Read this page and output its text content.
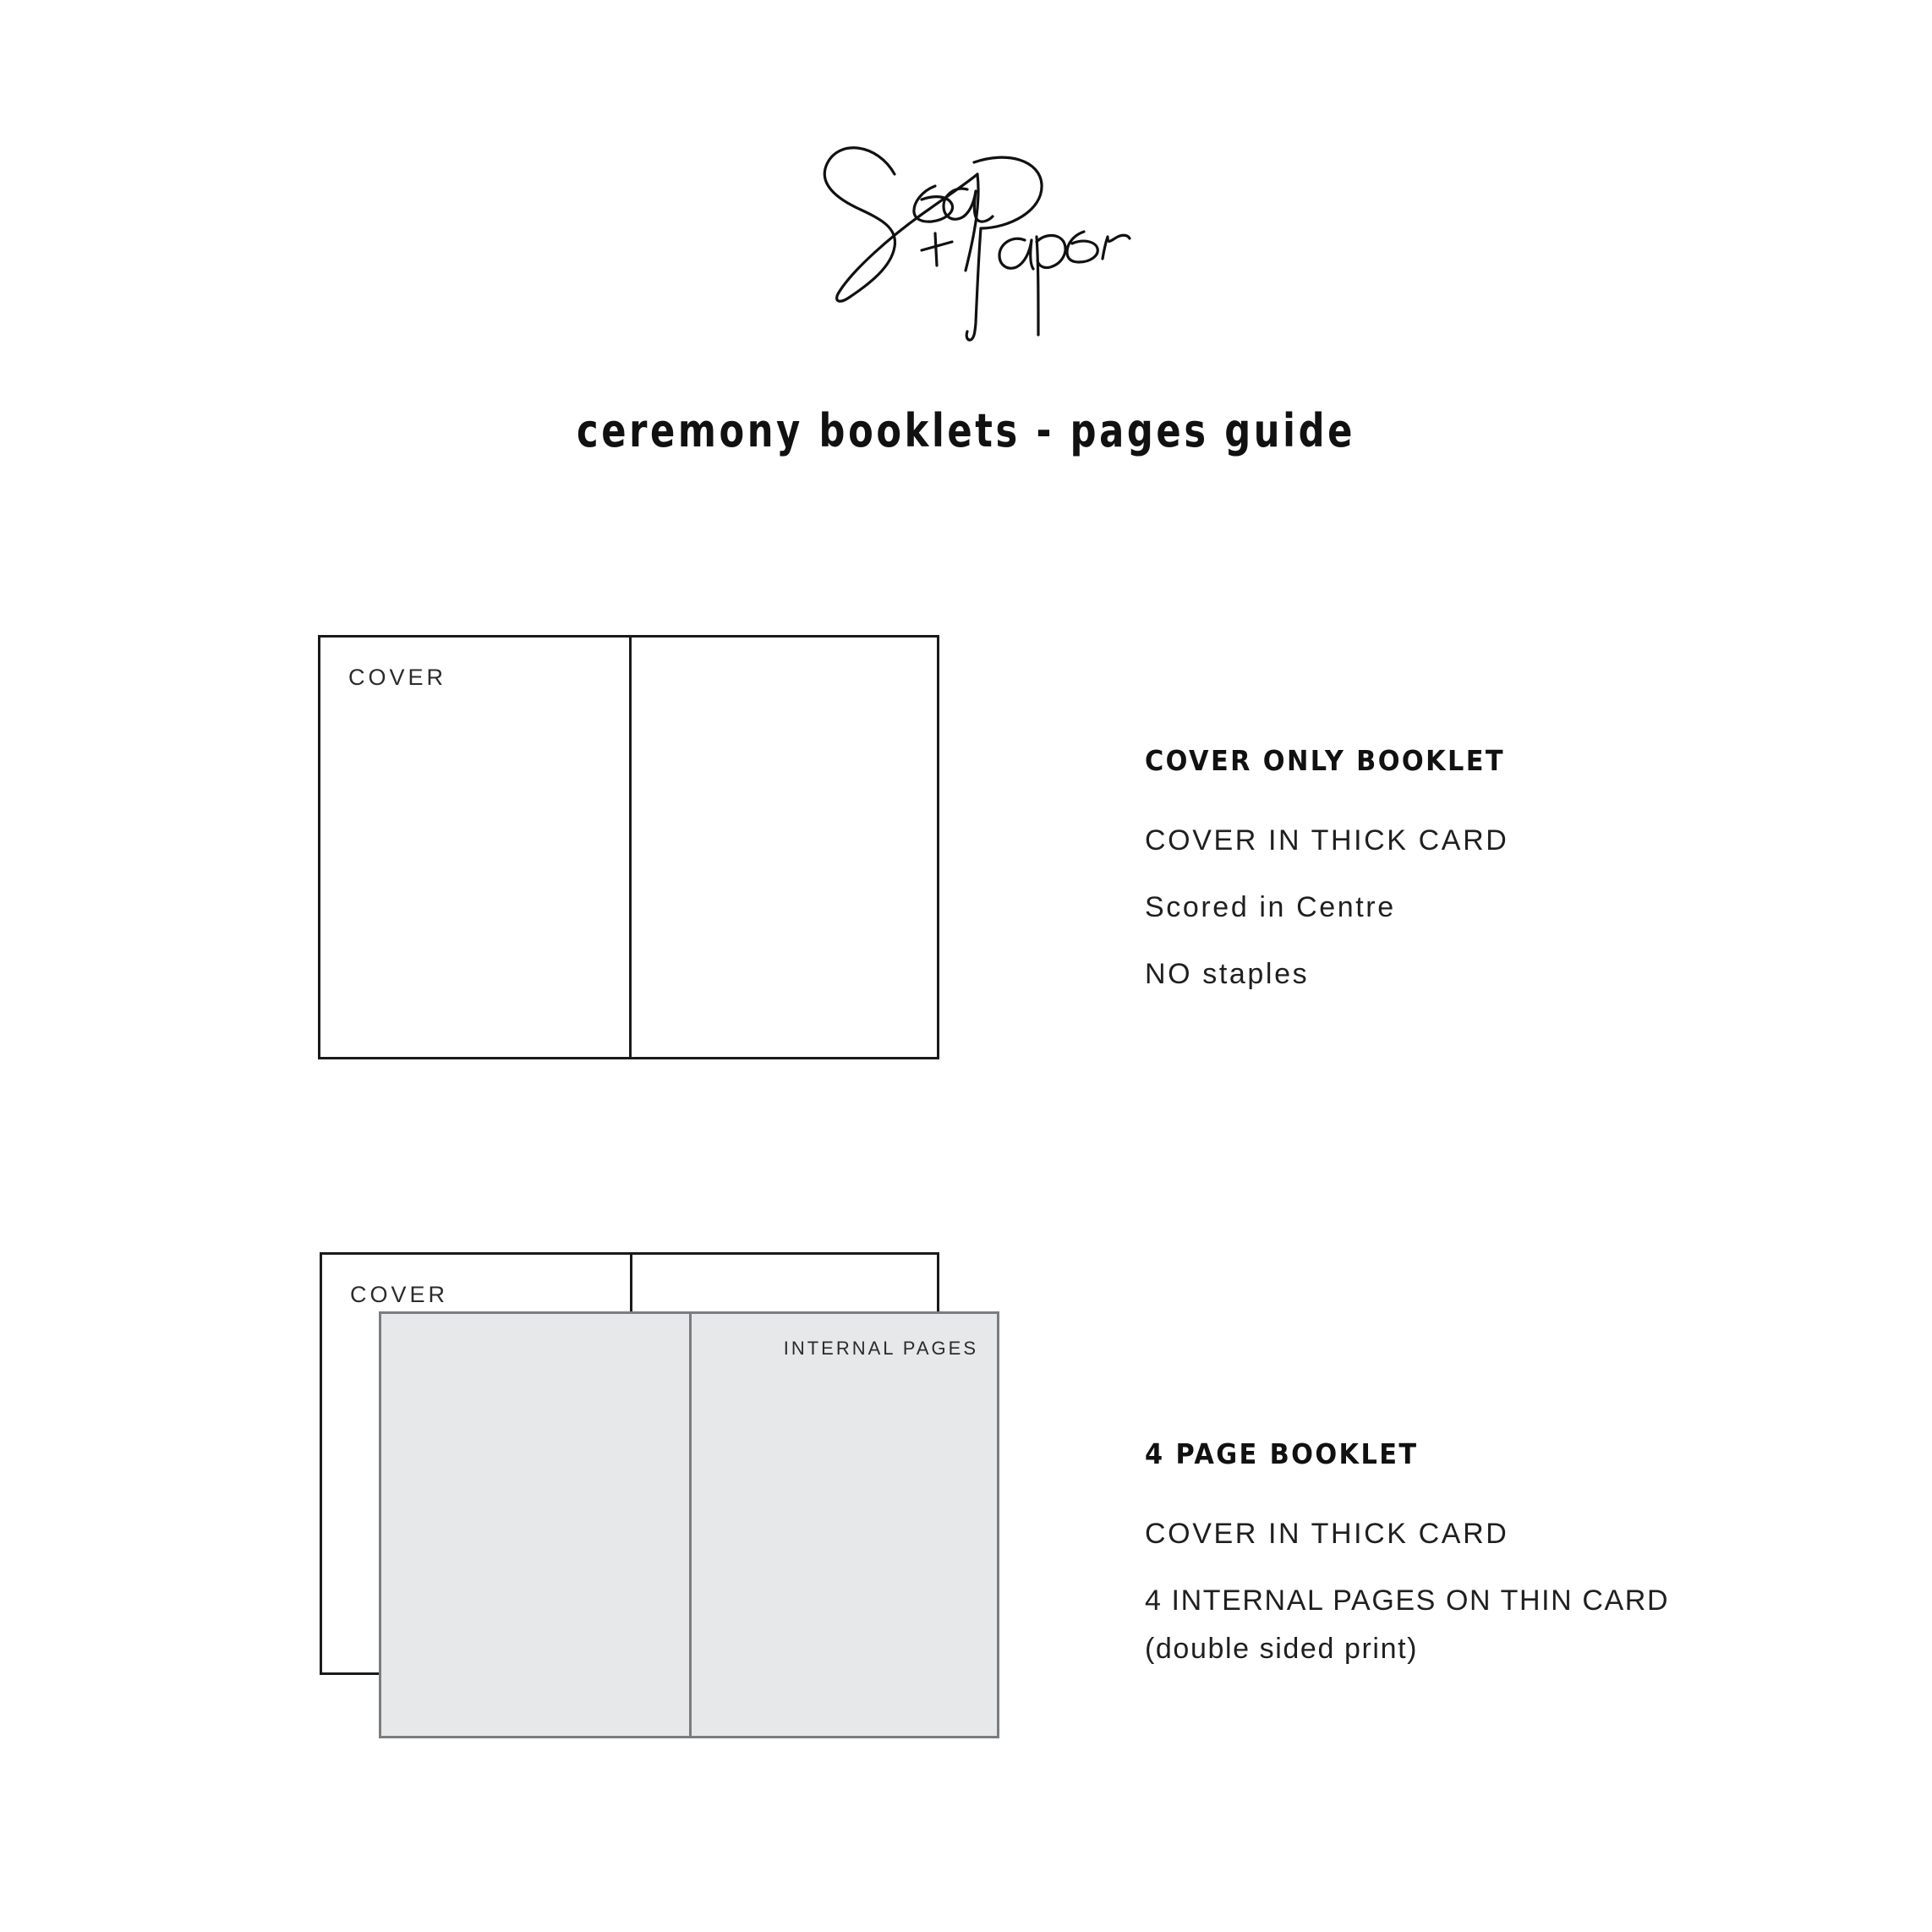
ceremony booklets - pages guide
COVER
COVER ONLY BOOKLET
COVER IN THICK CARD
Scored in Centre
NO staples
COVER
INTERNAL PAGES
4 PAGE BOOKLET
COVER IN THICK CARD
4 INTERNAL PAGES ON THIN CARD
(double sided print)
